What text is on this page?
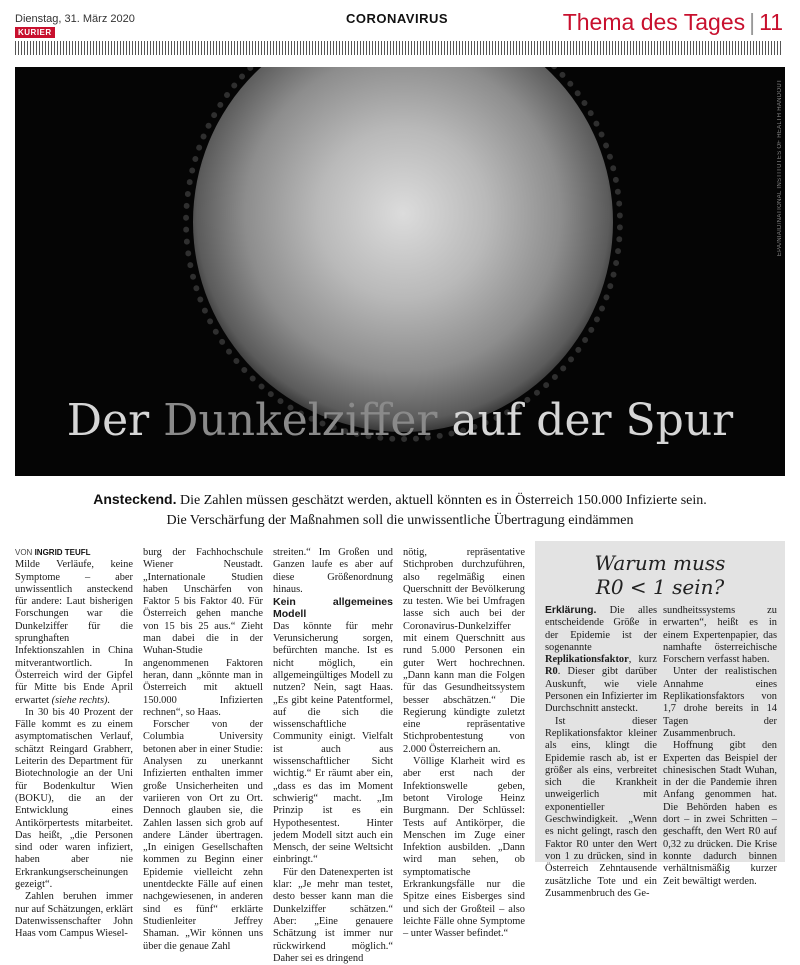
Dienstag, 31. März 2020
KURIER
CORONAVIRUS	Thema des Tages | 11
EPA/NIAID/NATIONAL INSTITUTES OF HEALTH HANDOUT
Der Dunkelziffer auf der Spur
Ansteckend. Die Zahlen müssen geschätzt werden, aktuell könnten es in Österreich 150.000 Infizierte sein.
Die Verschärfung der Maßnahmen soll die unwissentliche Übertragung eindämmen

VON INGRID TEUFL

Milde Verläufe, keine Symptome – aber unwissentlich ansteckend für andere: Laut bisherigen Forschungen war die Dunkelziffer für die sprunghaften Infektionszahlen in China mitverantwortlich. In Österreich wird der Gipfel für Mitte bis Ende April erwartet (siehe rechts).

In 30 bis 40 Prozent der Fälle kommt es zu einem asymptomatischen Verlauf, schätzt Reingard Grabherr, Leiterin des Department für Biotechnologie an der Uni für Bodenkultur Wien (BOKU), die an der Entwicklung eines Antikörpertests mitarbeitet. Das heißt, „die Personen sind oder waren infiziert, haben aber nie Erkrankungserscheinungen gezeigt“.

Zahlen beruhen immer nur auf Schätzungen, erklärt Datenwissenschafter John Haas vom Campus Wiesel-

burg der Fachhochschule Wiener Neustadt. „Internationale Studien haben Unschärfen von Faktor 5 bis Faktor 40. Für Österreich gehen manche von 15 bis 25 aus.“ Zieht man dabei die in der Wuhan-Studie angenommenen Faktoren heran, dann „könnte man in Österreich mit aktuell 150.000 Infizierten rechnen“, so Haas.

Forscher von der Columbia University betonen aber in einer Studie: Analysen zu unerkannt Infizierten enthalten immer große Unsicherheiten und variieren von Ort zu Ort. Dennoch glauben sie, die Zahlen lassen sich grob auf andere Länder übertragen. „In einigen Gesellschaften kommen zu Beginn einer Epidemie vielleicht zehn unentdeckte Fälle auf einen nachgewiesenen, in anderen sind es fünf“ erklärte Studienleiter Jeffrey Shaman. „Wir können uns über die genaue Zahl

streiten.“ Im Großen und Ganzen laufe es aber auf diese Größenordnung hinaus.

Kein allgemeines Modell

Das könnte für mehr Verunsicherung sorgen, befürchten manche. Ist es nicht möglich, ein allgemeingültiges Modell zu nutzen? Nein, sagt Haas. „Es gibt keine Patentformel, auf die sich die wissenschaftliche Community einigt. Vielfalt ist auch aus wissenschaftlicher Sicht wichtig.“ Er räumt aber ein, „dass es das im Moment schwierig“ macht. „Im Prinzip ist es ein Hypothesentest. Hinter jedem Modell sitzt auch ein Mensch, der seine Weltsicht einbringt.“

Für den Datenexperten ist klar: „Je mehr man testet, desto besser kann man die Dunkelziffer schätzen.“ Aber: „Eine genauere Schätzung ist immer nur rückwirkend möglich.“ Daher sei es dringend

nötig, repräsentative Stichproben durchzuführen, also regelmäßig einen Querschnitt der Bevölkerung zu testen. Wie bei Umfragen lasse sich auch bei der Coronavirus-Dunkelziffer mit einem Querschnitt aus rund 5.000 Personen ein guter Wert hochrechnen. „Dann kann man die Folgen für das Gesundheitssystem besser abschätzen.“ Die Regierung kündigte zuletzt eine repräsentative Stichprobentestung von 2.000 Österreichern an.

Völlige Klarheit wird es aber erst nach der Infektionswelle geben, betont Virologe Heinz Burgmann. Der Schlüssel: Tests auf Antikörper, die Menschen im Zuge einer Infektion ausbilden. „Dann wird man sehen, ob symptomatische Erkrankungsfälle nur die Spitze eines Eisberges sind und sich der Großteil – also leichte Fälle ohne Symptome – unter Wasser befindet.“

Warum muss
R0 < 1 sein?

Erklärung. Die alles entscheidende Größe in der Epidemie ist der sogenannte Replikationsfaktor, kurz R0. Dieser gibt darüber Auskunft, wie viele Personen ein Infizierter im Durchschnitt ansteckt.

Ist dieser Replikationsfaktor kleiner als eins, klingt die Epidemie rasch ab, ist er größer als eins, verbreitet sich die Krankheit unweigerlich mit exponentieller Geschwindigkeit. „Wenn es nicht gelingt, rasch den Faktor R0 unter den Wert von 1 zu drücken, sind in Österreich Zehntausende zusätzliche Tote und ein Zusammenbruch des Ge-

sundheitssystems zu erwarten“, heißt es in einem Expertenpapier, das namhafte österreichische Forschern verfasst haben.

Unter der realistischen Annahme eines Replikationsfaktors von 1,7 drohe bereits in 14 Tagen der Zusammenbruch.

Hoffnung gibt den Experten das Beispiel der chinesischen Stadt Wuhan, in der die Pandemie ihren Anfang genommen hat. Die Behörden haben es dort – in zwei Schritten – geschafft, den Wert R0 auf 0,32 zu drücken. Die Krise konnte dadurch binnen verhältnismäßig kurzer Zeit bewältigt werden.
